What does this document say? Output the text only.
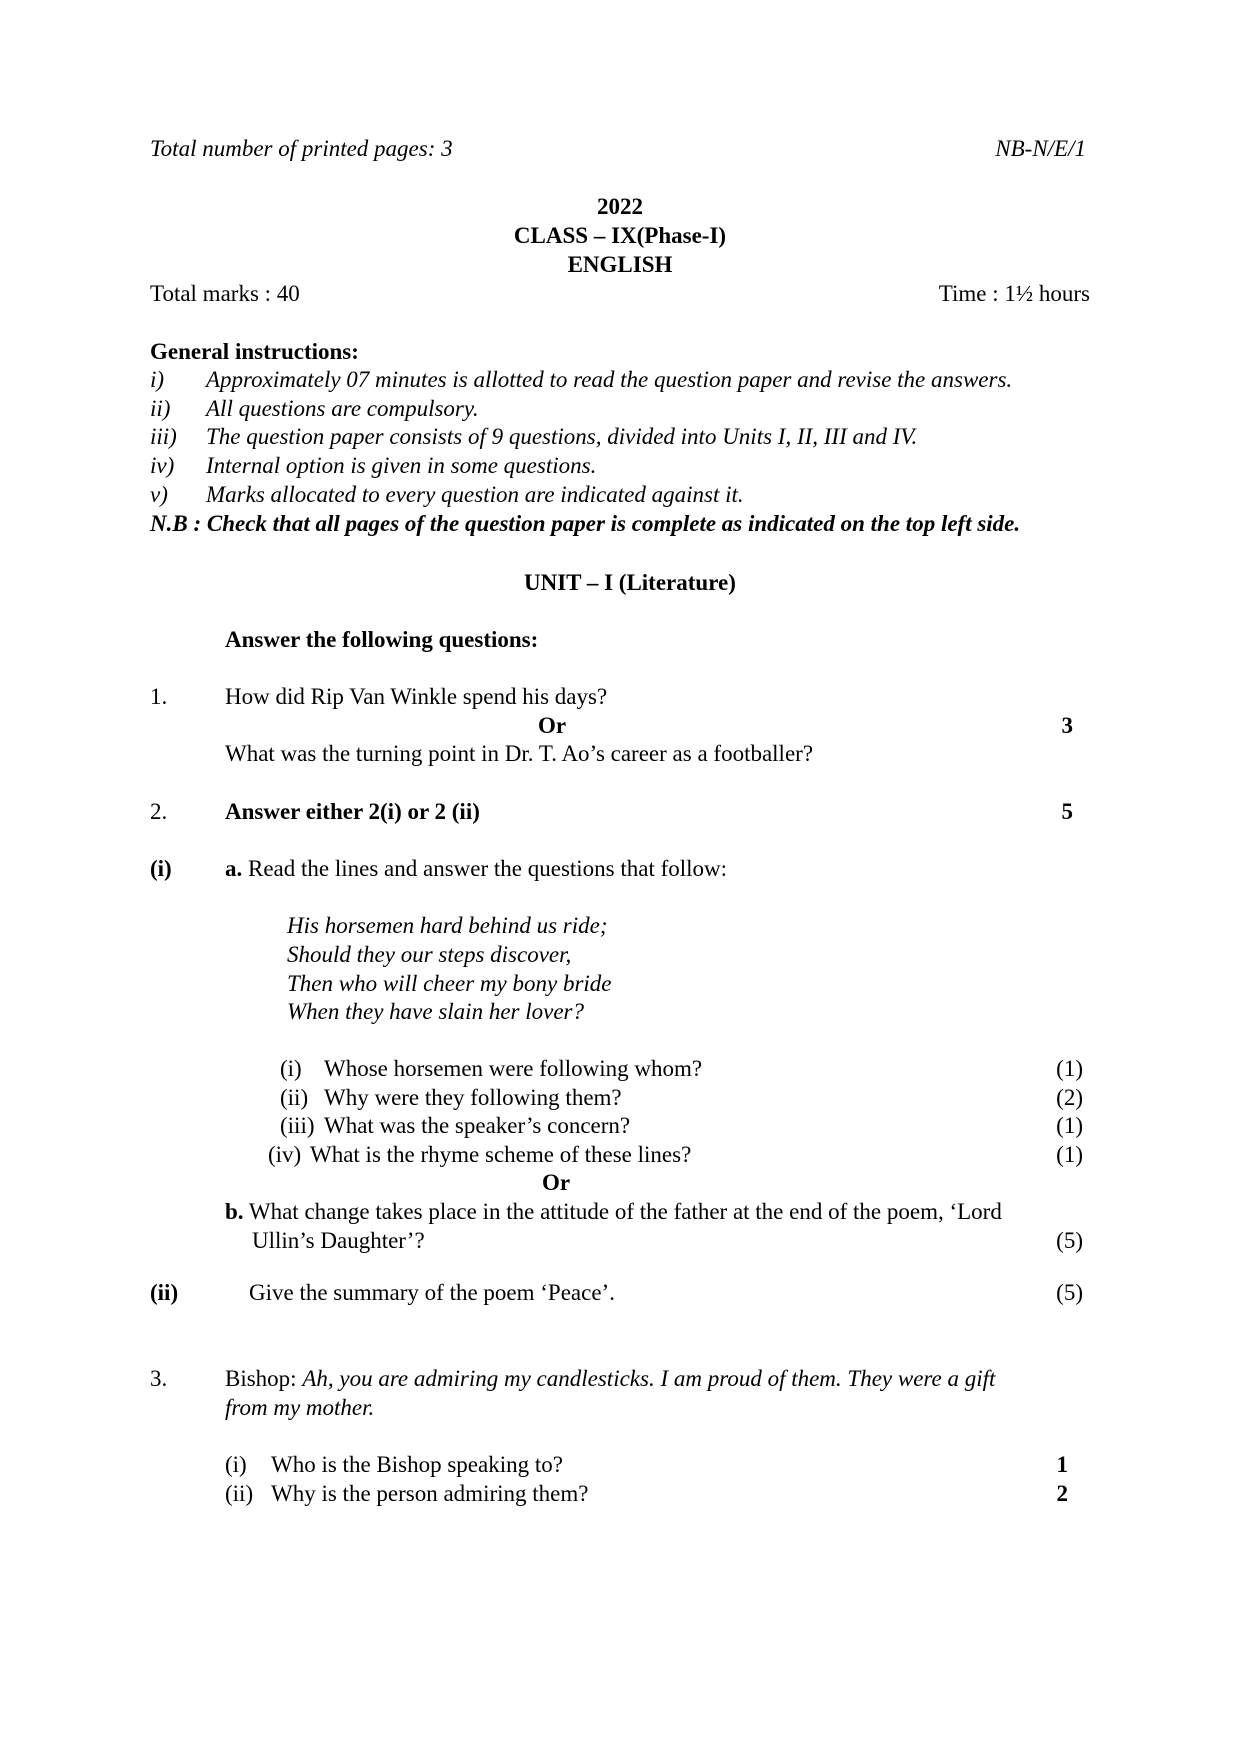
Total number of printed pages: 3	NB-N/E/1
2022
CLASS – IX(Phase-I)
ENGLISH
Total marks : 40	Time : 1½ hours
General instructions:
i) Approximately 07 minutes is allotted to read the question paper and revise the answers.
ii) All questions are compulsory.
iii) The question paper consists of 9 questions, divided into Units I, II, III and IV.
iv) Internal option is given in some questions.
v) Marks allocated to every question are indicated against it.
N.B : Check that all pages of the question paper is complete as indicated on the top left side.
UNIT – I (Literature)
Answer the following questions:
1.	How did Rip Van Winkle spend his days?
Or	3
What was the turning point in Dr. T. Ao’s career as a footballer?
2.	Answer either 2(i) or 2 (ii)	5
(i) a. Read the lines and answer the questions that follow:
His horsemen hard behind us ride;
Should they our steps discover,
Then who will cheer my bony bride
When they have slain her lover?
(i) Whose horsemen were following whom?	(1)
(ii) Why were they following them?	(2)
(iii) What was the speaker’s concern?	(1)
(iv) What is the rhyme scheme of these lines?	(1)
Or
b. What change takes place in the attitude of the father at the end of the poem, ‘Lord
Ullin’s Daughter’?	(5)
(ii)	Give the summary of the poem ‘Peace’.	(5)
3.	Bishop: Ah, you are admiring my candlesticks. I am proud of them. They were a gift
from my mother.
(i) Who is the Bishop speaking to?	1
(ii) Why is the person admiring them?	2
